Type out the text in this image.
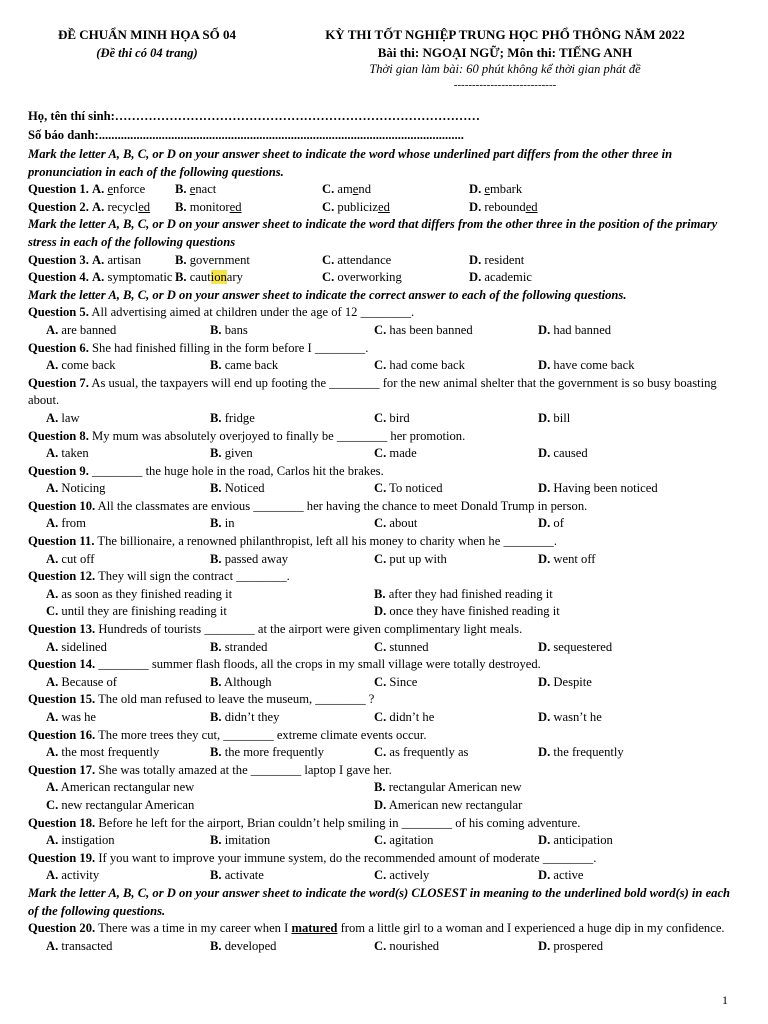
ĐỀ CHUẨN MINH HỌA SỐ 04
(Đề thi có 04 trang)
KỲ THI TỐT NGHIỆP TRUNG HỌC PHỔ THÔNG NĂM 2022
Bài thi: NGOẠI NGỮ; Môn thi: TIẾNG ANH
Thời gian làm bài: 60 phút không kể thời gian phát đề
----------------------------
Họ, tên thí sinh:……………………………………………………………………………
Số báo danh:....................................................................................................................
Mark the letter A, B, C, or D on your answer sheet to indicate the word whose underlined part differs from the other three in pronunciation in each of the following questions.
Question 1. A. enforce	B. enact	C. amend	D. embark
Question 2. A. recycled	B. monitored	C. publicized	D. rebounded
Mark the letter A, B, C, or D on your answer sheet to indicate the word that differs from the other three in the position of the primary stress in each of the following questions
Question 3. A. artisan	B. government	C. attendance	D. resident
Question 4. A. symptomatic B. cautionary	C. overworking	D. academic
Mark the letter A, B, C, or D on your answer sheet to indicate the correct answer to each of the following questions.
Question 5. All advertising aimed at children under the age of 12 ________.
A. are banned	B. bans	C. has been banned	D. had banned
Question 6. She had finished filling in the form before I ________.
A. come back	B. came back	C. had come back	D. have come back
Question 7. As usual, the taxpayers will end up footing the ________ for the new animal shelter that the government is so busy boasting about.
A. law	B. fridge	C. bird	D. bill
Question 8. My mum was absolutely overjoyed to finally be ________ her promotion.
A. taken	B. given	C. made	D. caused
Question 9. ________ the huge hole in the road, Carlos hit the brakes.
A. Noticing	B. Noticed	C. To noticed	D. Having been noticed
Question 10. All the classmates are envious ________ her having the chance to meet Donald Trump in person.
A. from	B. in	C. about	D. of
Question 11. The billionaire, a renowned philanthropist, left all his money to charity when he ________.
A. cut off	B. passed away	C. put up with	D. went off
Question 12. They will sign the contract ________.
A. as soon as they finished reading it	B. after they had finished reading it
C. until they are finishing reading it	D. once they have finished reading it
Question 13. Hundreds of tourists ________ at the airport were given complimentary light meals.
A. sidelined	B. stranded	C. stunned	D. sequestered
Question 14. ________ summer flash floods, all the crops in my small village were totally destroyed.
A. Because of	B. Although	C. Since	D. Despite
Question 15. The old man refused to leave the museum, ________ ?
A. was he	B. didn’t they	C. didn’t he	D. wasn’t he
Question 16. The more trees they cut, ________ extreme climate events occur.
A. the most frequently	B. the more frequently	C. as frequently as	D. the frequently
Question 17. She was totally amazed at the ________ laptop I gave her.
A. American rectangular new	B. rectangular American new
C. new rectangular American	D. American new rectangular
Question 18. Before he left for the airport, Brian couldn’t help smiling in ________ of his coming adventure.
A. instigation	B. imitation	C. agitation	D. anticipation
Question 19. If you want to improve your immune system, do the recommended amount of moderate ________.
A. activity	B. activate	C. actively	D. active
Mark the letter A, B, C, or D on your answer sheet to indicate the word(s) CLOSEST in meaning to the underlined bold word(s) in each of the following questions.
Question 20. There was a time in my career when I matured from a little girl to a woman and I experienced a huge dip in my confidence.
A. transacted	B. developed	C. nourished	D. prospered
1
